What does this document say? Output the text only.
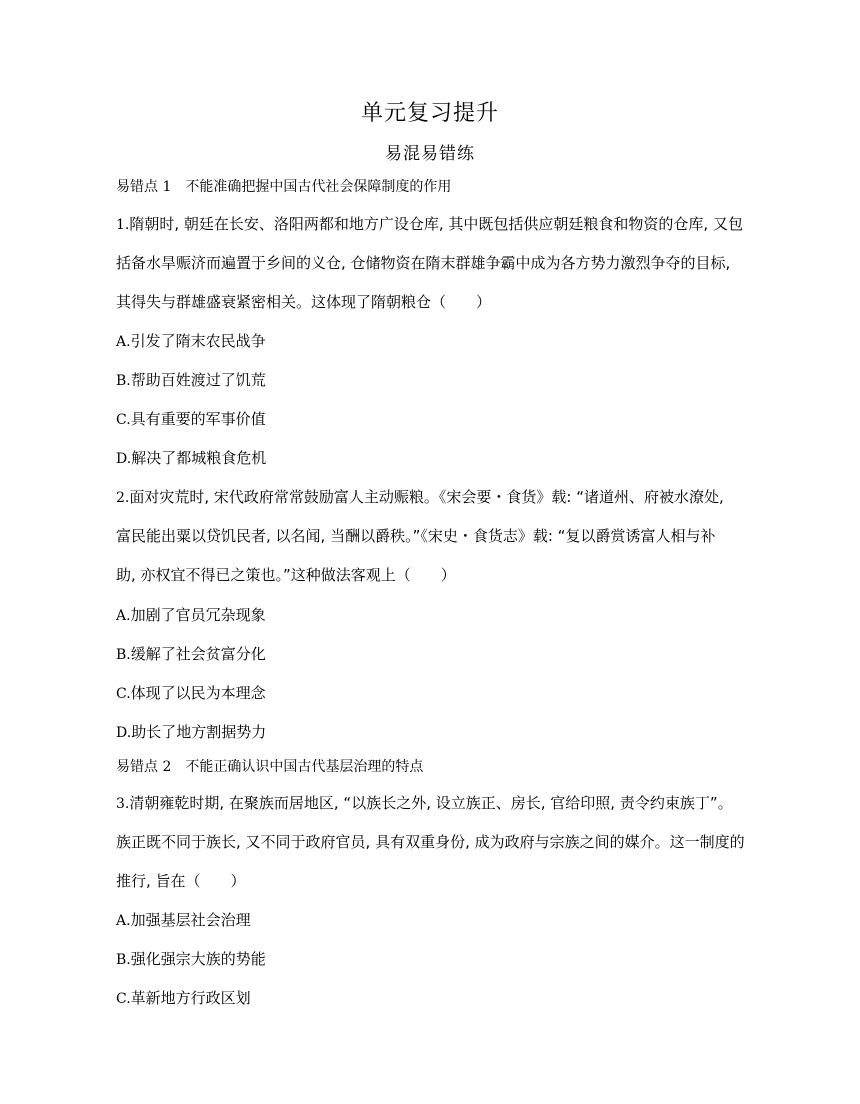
单元复习提升
易混易错练
易错点 1 不能准确把握中国古代社会保障制度的作用
1.隋朝时, 朝廷在长安、洛阳两都和地方广设仓库, 其中既包括供应朝廷粮食和物资的仓库, 又包
括备水旱赈济而遍置于乡间的义仓, 仓储物资在隋末群雄争霸中成为各方势力激烈争夺的目标,
其得失与群雄盛衰紧密相关。这体现了隋朝粮仓（　　）
A.引发了隋末农民战争
B.帮助百姓渡过了饥荒
C.具有重要的军事价值
D.解决了都城粮食危机
2.面对灾荒时, 宋代政府常常鼓励富人主动赈粮。《宋会要・食货》载: “诸道州、府被水潦处,
富民能出粟以贷饥民者, 以名闻, 当酬以爵秩。”《宋史・食货志》载: “复以爵赏诱富人相与补
助, 亦权宜不得已之策也。”这种做法客观上（　　）
A.加剧了官员冗杂现象
B.缓解了社会贫富分化
C.体现了以民为本理念
D.助长了地方割据势力
易错点 2 不能正确认识中国古代基层治理的特点
3.清朝雍乾时期, 在聚族而居地区, “以族长之外, 设立族正、房长, 官给印照, 责令约束族丁”。
族正既不同于族长, 又不同于政府官员, 具有双重身份, 成为政府与宗族之间的媒介。这一制度的
推行, 旨在（　　）
A.加强基层社会治理
B.强化强宗大族的势能
C.革新地方行政区划
